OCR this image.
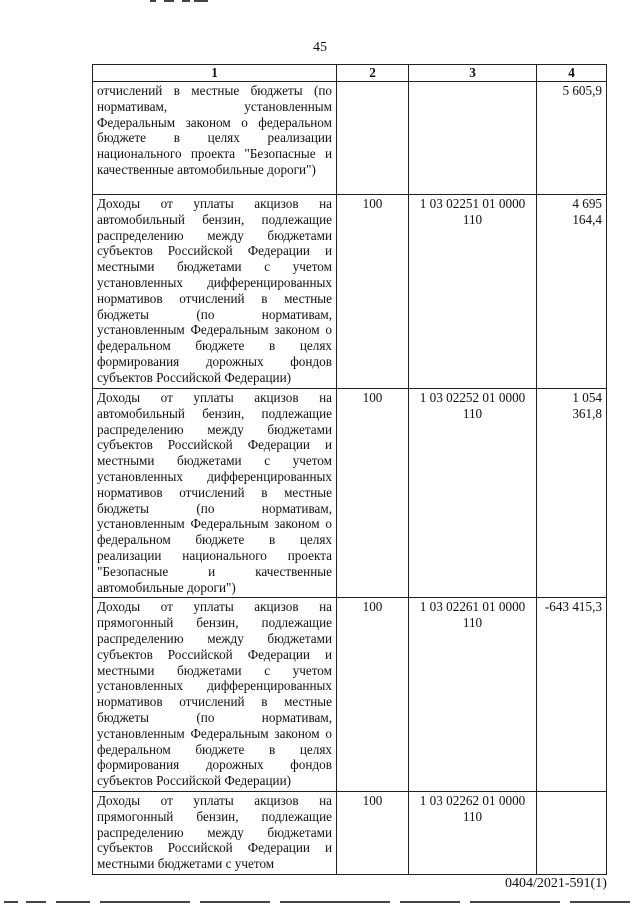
45
1	2	3	4
отчислений в местные бюджеты (по нормативам, установленным Федеральным законом о федеральном бюджете в целях реализации национального проекта "Безопасные и качественные автомобильные дороги")			5 605,9
Доходы от уплаты акцизов на автомобильный бензин, подлежащие распределению между бюджетами субъектов Российской Федерации и местными бюджетами с учетом установленных дифференцированных нормативов отчислений в местные бюджеты (по нормативам, установленным Федеральным законом о федеральном бюджете в целях формирования дорожных фондов субъектов Российской Федерации)	100	1 03 02251 01 0000 110	4 695 164,4
Доходы от уплаты акцизов на автомобильный бензин, подлежащие распределению между бюджетами субъектов Российской Федерации и местными бюджетами с учетом установленных дифференцированных нормативов отчислений в местные бюджеты (по нормативам, установленным Федеральным законом о федеральном бюджете в целях реализации национального проекта "Безопасные и качественные автомобильные дороги")	100	1 03 02252 01 0000 110	1 054 361,8
Доходы от уплаты акцизов на прямогонный бензин, подлежащие распределению между бюджетами субъектов Российской Федерации и местными бюджетами с учетом установленных дифференцированных нормативов отчислений в местные бюджеты (по нормативам, установленным Федеральным законом о федеральном бюджете в целях формирования дорожных фондов субъектов Российской Федерации)	100	1 03 02261 01 0000 110	-643 415,3
Доходы от уплаты акцизов на прямогонный бензин, подлежащие распределению между бюджетами субъектов Российской Федерации и местными бюджетами с учетом	100	1 03 02262 01 0000 110	
0404/2021-591(1)
